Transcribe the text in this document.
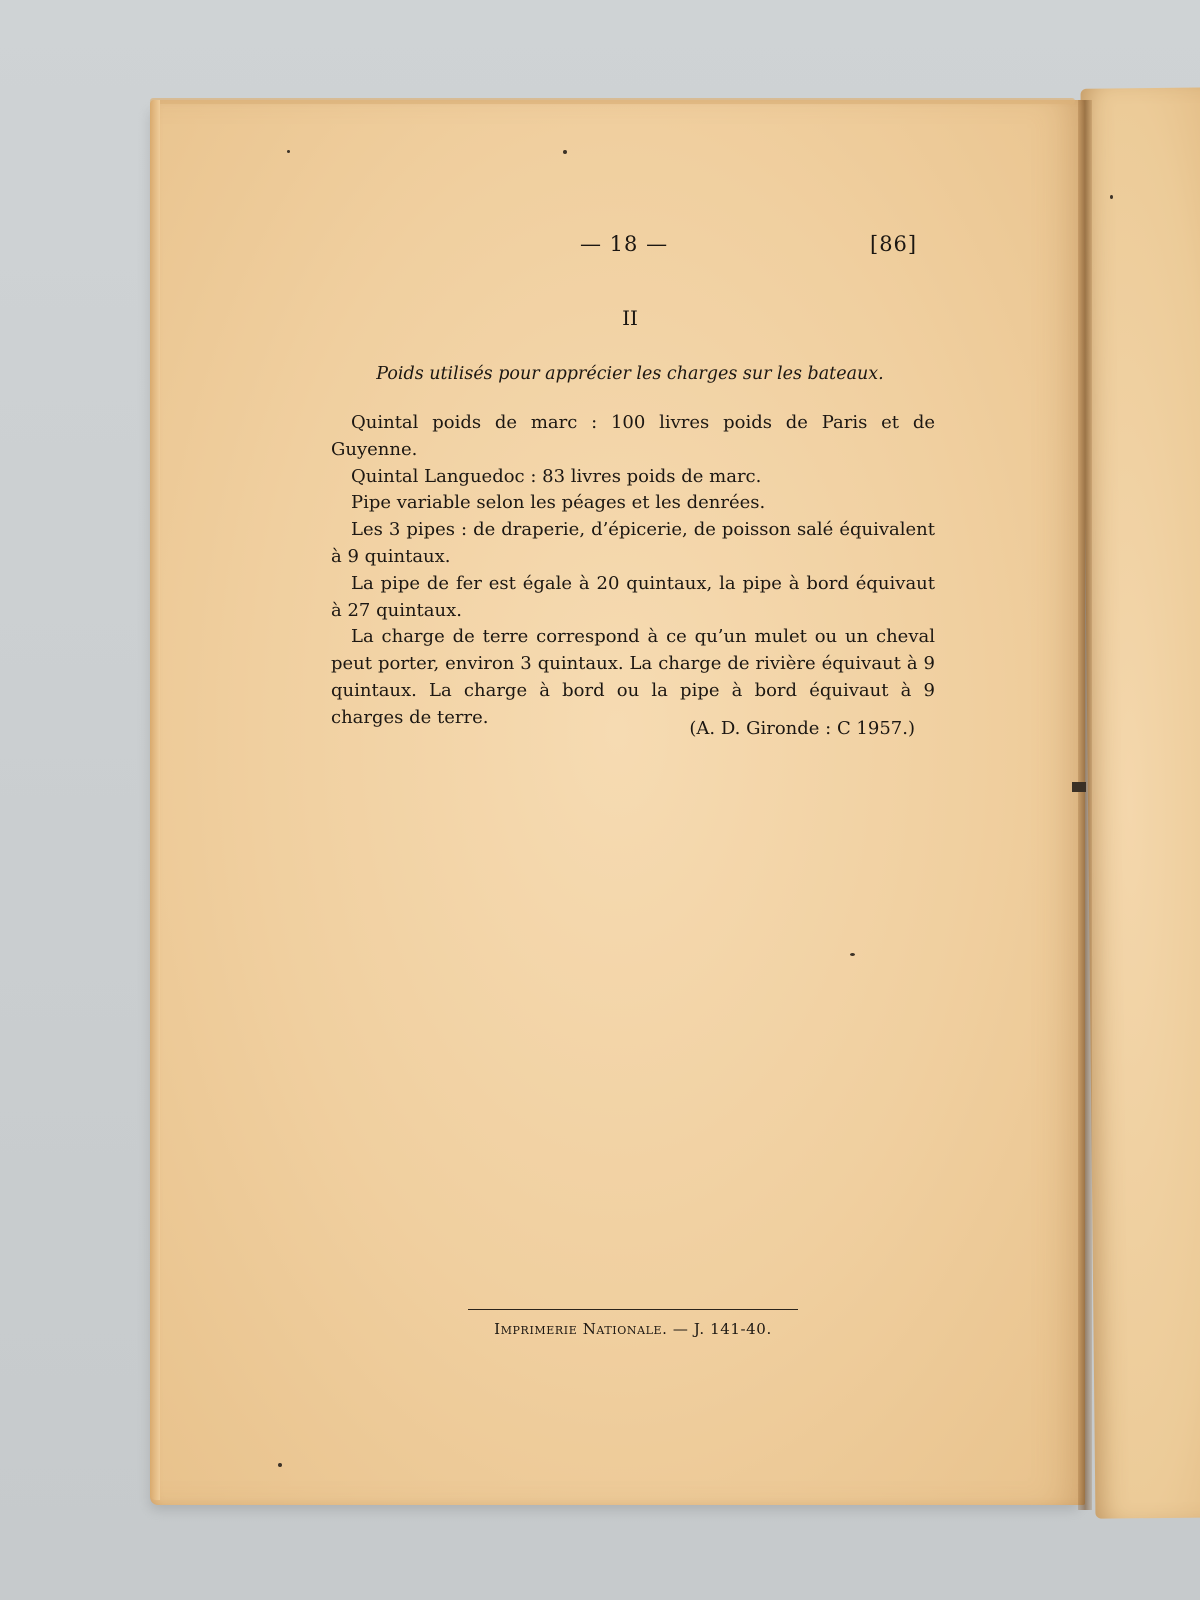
— 18 —	[86]
II
Poids utilisés pour apprécier les charges sur les bateaux.

Quintal poids de marc : 100 livres poids de Paris et de Guyenne.

Quintal Languedoc : 83 livres poids de marc.

Pipe variable selon les péages et les denrées.

Les 3 pipes : de draperie, d’épicerie, de poisson salé équivalent à 9 quintaux.

La pipe de fer est égale à 20 quintaux, la pipe à bord équivaut à 27 quintaux.

La charge de terre correspond à ce qu’un mulet ou un cheval peut porter, environ 3 quintaux. La charge de rivière équivaut à 9 quintaux. La charge à bord ou la pipe à bord équivaut à 9 charges de terre.

(A. D. Gironde : C 1957.)
Imprimerie Nationale. — J. 141-40.
